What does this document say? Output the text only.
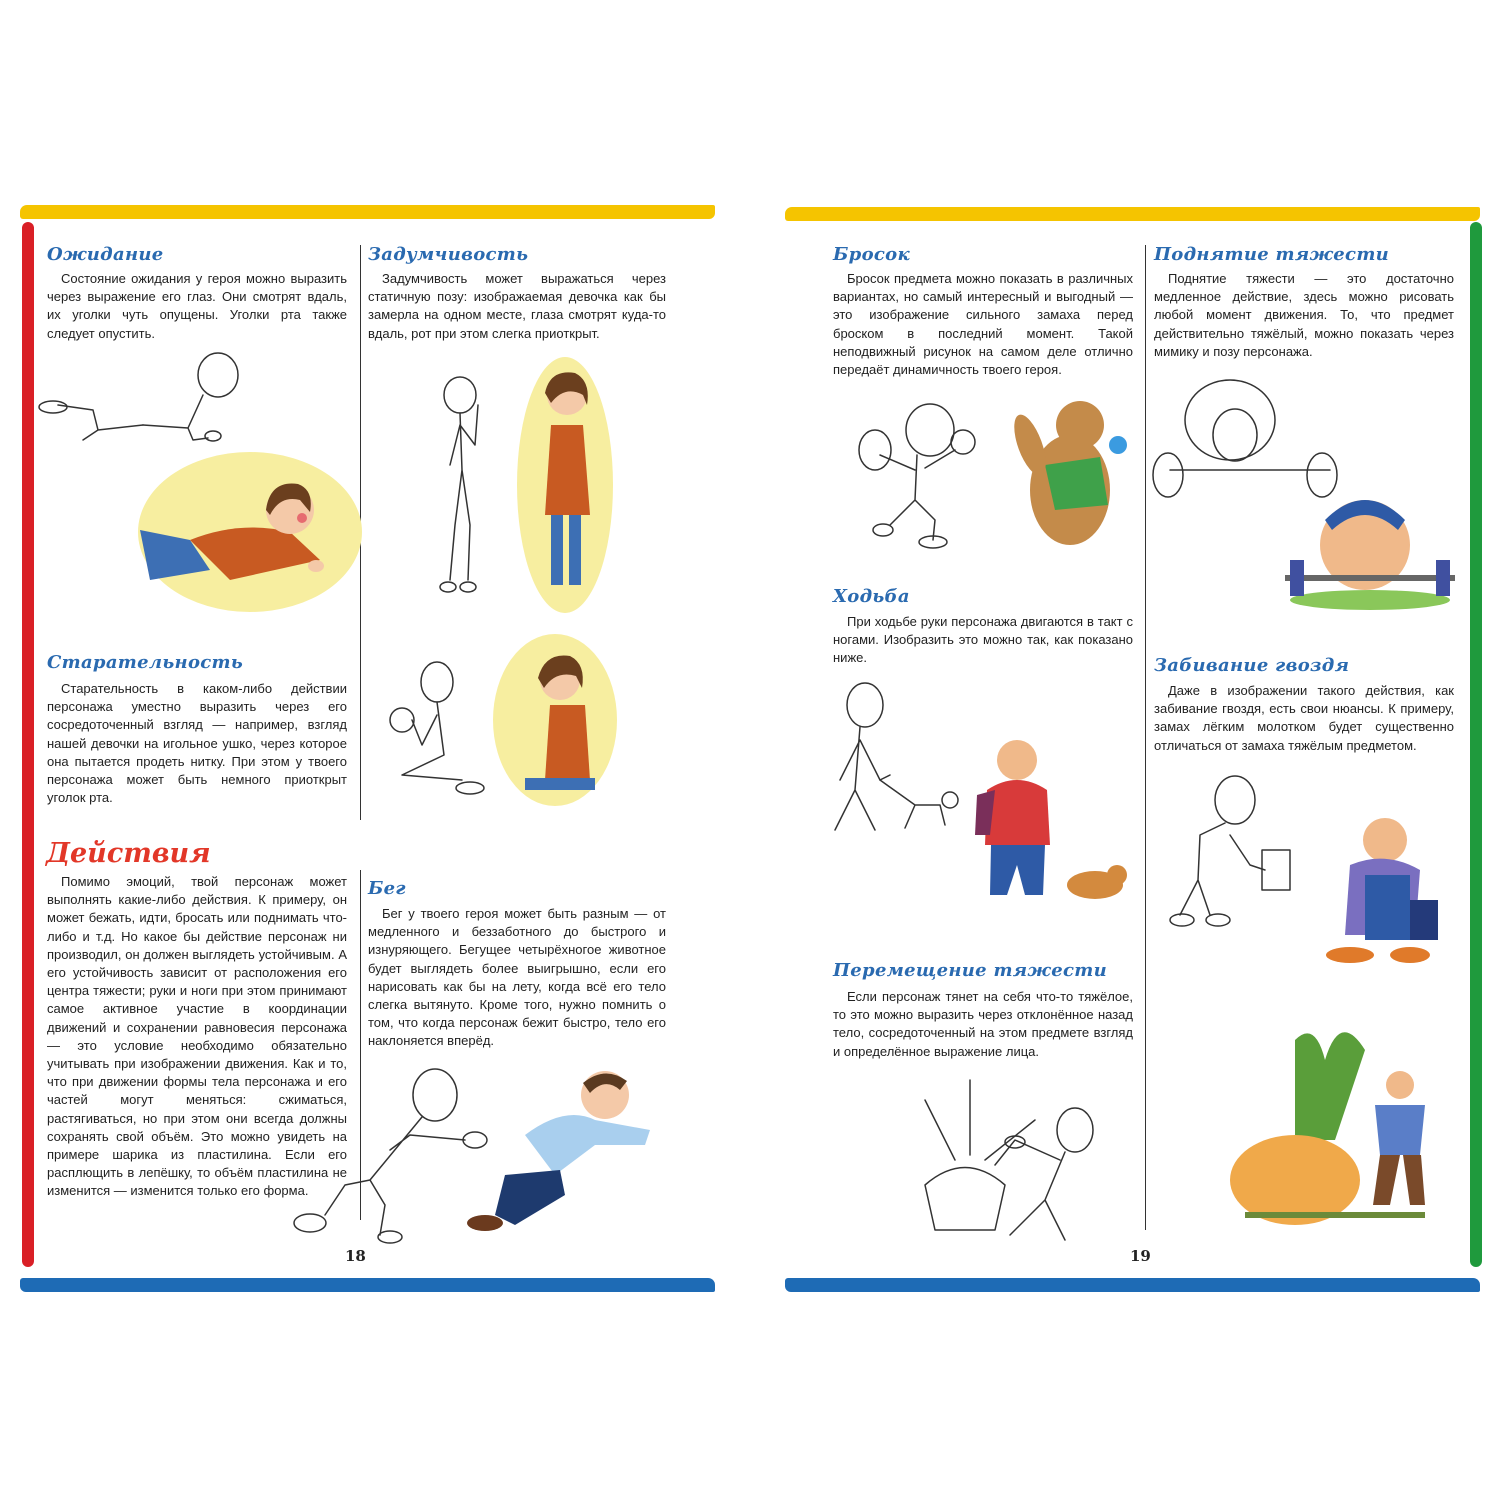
Ожидание

Состояние ожидания у героя можно выразить через выражение его глаз. Они смотрят вдаль, их уголки чуть опущены. Уголки рта также следует опустить.

Задумчивость

Задумчивость может выражаться через статичную позу: изображаемая девочка как бы замерла на одном месте, глаза смотрят куда-то вдаль, рот при этом слегка приоткрыт.

Старательность

Старательность в каком-либо действии персонажа уместно выразить через его сосредоточенный взгляд — например, взгляд нашей девочки на игольное ушко, через которое она пытается продеть нитку. При этом у твоего персонажа может быть немного приоткрыт уголок рта.

Действия

Помимо эмоций, твой персонаж может выполнять какие-либо действия. К примеру, он может бежать, идти, бросать или поднимать что-либо и т.д. Но какое бы действие персонаж ни производил, он должен выглядеть устойчивым. А его устойчивость зависит от расположения его центра тяжести; руки и ноги при этом принимают самое активное участие в координации движений и сохранении равновесия персонажа — это условие необходимо обязательно учитывать при изображении движения. Как и то, что при движении формы тела персонажа и его частей могут меняться: сжиматься, растягиваться, но при этом они всегда должны сохранять свой объём. Это можно увидеть на примере шарика из пластилина. Если его расплющить в лепёшку, то объём пластилина не изменится — изменится только его форма.

Бег

Бег у твоего героя может быть разным — от медленного и беззаботного до быстрого и изнуряющего. Бегущее четырёхногое животное будет выглядеть более выигрышно, если его нарисовать как бы на лету, когда всё его тело слегка вытянуто. Кроме того, нужно помнить о том, что когда персонаж бежит быстро, тело его наклоняется вперёд.

18
Бросок

Бросок предмета можно показать в различных вариантах, но самый интересный и выгодный — это изображение сильного замаха перед броском в последний момент. Такой неподвижный рисунок на самом деле отлично передаёт динамичность твоего героя.

Поднятие тяжести

Поднятие тяжести — это достаточно медленное действие, здесь можно рисовать любой момент движения. То, что предмет действительно тяжёлый, можно показать через мимику и позу персонажа.

Ходьба

При ходьбе руки персонажа двигаются в такт с ногами. Изобразить это можно так, как показано ниже.	Забивание гвоздя

Даже в изображении такого действия, как забивание гвоздя, есть свои нюансы. К примеру, замах лёгким молотком будет существенно отличаться от замаха тяжёлым предметом.

Перемещение тяжести

Если персонаж тянет на себя что-то тяжёлое, то это можно выразить через отклонённое назад тело, сосредоточенный на этом предмете взгляд и определённое выражение лица.

19
